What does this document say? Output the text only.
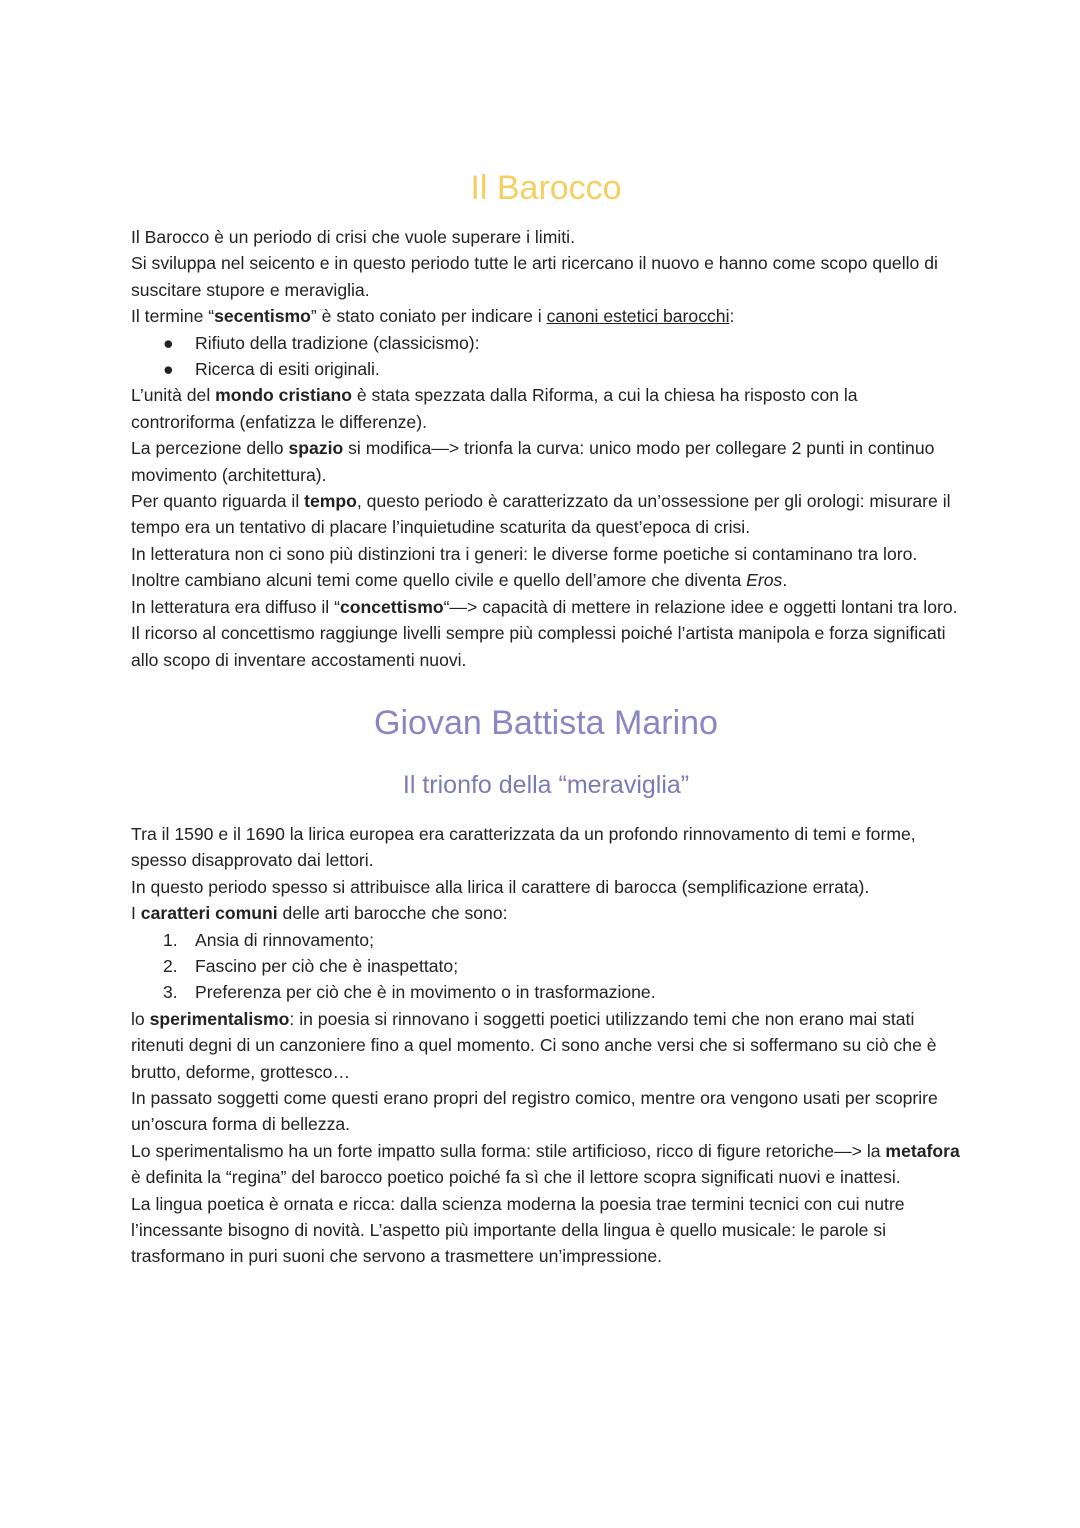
Il Barocco

Il Barocco è un periodo di crisi che vuole superare i limiti.

Si sviluppa nel seicento e in questo periodo tutte le arti ricercano il nuovo e hanno come scopo quello di suscitare stupore e meraviglia.

Il termine “secentismo” è stato coniato per indicare i canoni estetici barocchi:

● Rifiuto della tradizione (classicismo):
● Ricerca di esiti originali.

L’unità del mondo cristiano è stata spezzata dalla Riforma, a cui la chiesa ha risposto con la controriforma (enfatizza le differenze).

La percezione dello spazio si modifica—> trionfa la curva: unico modo per collegare 2 punti in continuo movimento (architettura).

Per quanto riguarda il tempo, questo periodo è caratterizzato da un’ossessione per gli orologi: misurare il tempo era un tentativo di placare l’inquietudine scaturita da quest’epoca di crisi.

In letteratura non ci sono più distinzioni tra i generi: le diverse forme poetiche si contaminano tra loro. Inoltre cambiano alcuni temi come quello civile e quello dell’amore che diventa Eros.

In letteratura era diffuso il “concettismo“—> capacità di mettere in relazione idee e oggetti lontani tra loro. Il ricorso al concettismo raggiunge livelli sempre più complessi poiché l’artista manipola e forza significati allo scopo di inventare accostamenti nuovi.

Giovan Battista Marino
Il trionfo della “meraviglia”

Tra il 1590 e il 1690 la lirica europea era caratterizzata da un profondo rinnovamento di temi e forme, spesso disapprovato dai lettori.

In questo periodo spesso si attribuisce alla lirica il carattere di barocca (semplificazione errata).

I caratteri comuni delle arti barocche che sono:

1. Ansia di rinnovamento;
2. Fascino per ciò che è inaspettato;
3. Preferenza per ciò che è in movimento o in trasformazione.

lo sperimentalismo: in poesia si rinnovano i soggetti poetici utilizzando temi che non erano mai stati ritenuti degni di un canzoniere fino a quel momento. Ci sono anche versi che si soffermano su ciò che è brutto, deforme, grottesco…

In passato soggetti come questi erano propri del registro comico, mentre ora vengono usati per scoprire un’oscura forma di bellezza.

Lo sperimentalismo ha un forte impatto sulla forma: stile artificioso, ricco di figure retoriche—> la metafora è definita la “regina” del barocco poetico poiché fa sì che il lettore scopra significati nuovi e inattesi.

La lingua poetica è ornata e ricca: dalla scienza moderna la poesia trae termini tecnici con cui nutre l’incessante bisogno di novità. L’aspetto più importante della lingua è quello musicale: le parole si trasformano in puri suoni che servono a trasmettere un’impressione.
